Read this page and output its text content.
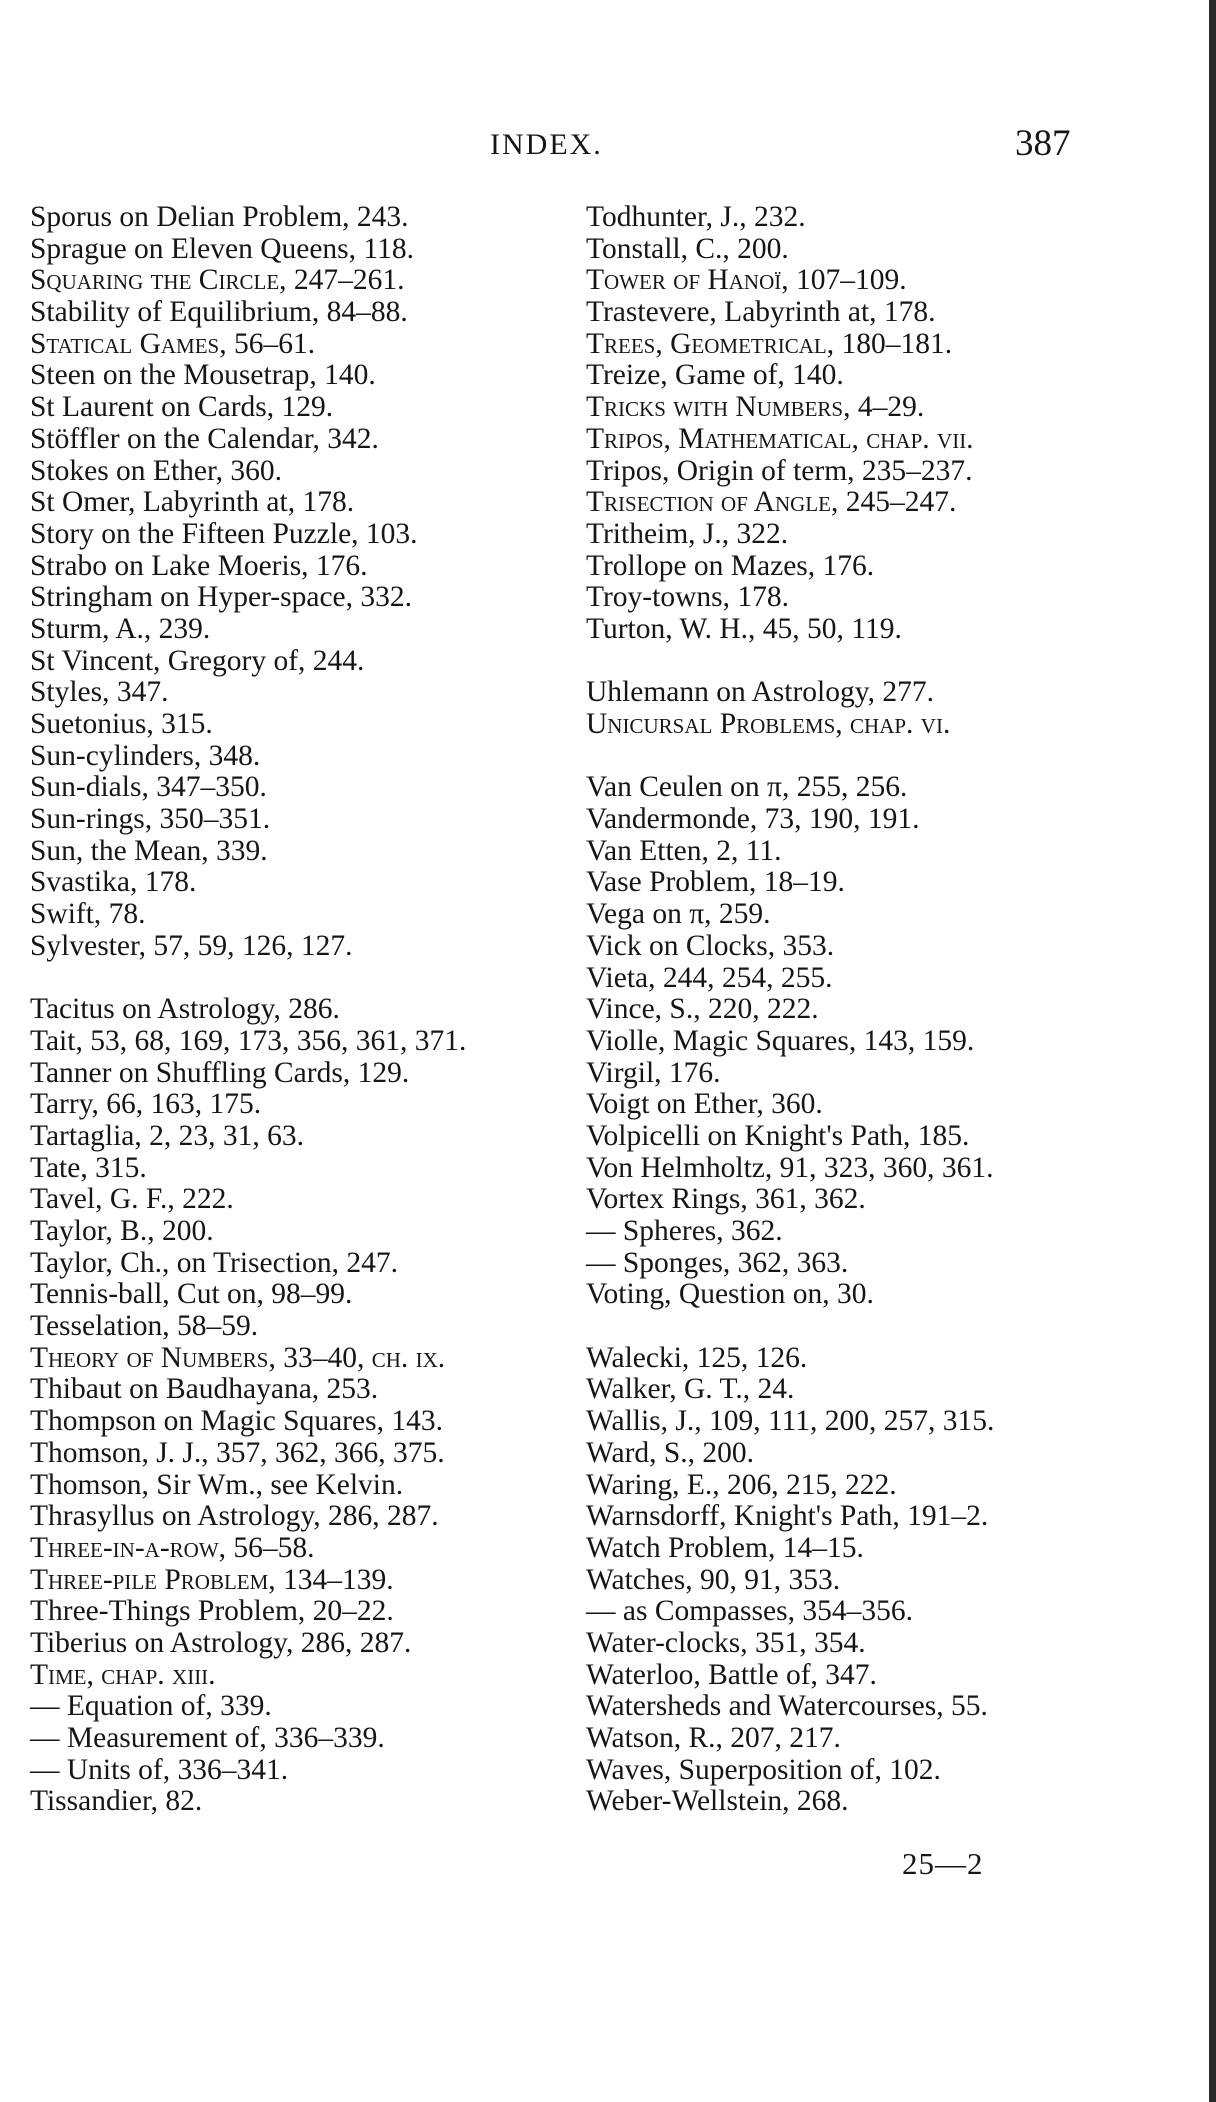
INDEX.	387
Sporus on Delian Problem, 243.
Sprague on Eleven Queens, 118.
Squaring the Circle, 247–261.
Stability of Equilibrium, 84–88.
Statical Games, 56–61.
Steen on the Mousetrap, 140.
St Laurent on Cards, 129.
Stöffler on the Calendar, 342.
Stokes on Ether, 360.
St Omer, Labyrinth at, 178.
Story on the Fifteen Puzzle, 103.
Strabo on Lake Moeris, 176.
Stringham on Hyper-space, 332.
Sturm, A., 239.
St Vincent, Gregory of, 244.
Styles, 347.
Suetonius, 315.
Sun-cylinders, 348.
Sun-dials, 347–350.
Sun-rings, 350–351.
Sun, the Mean, 339.
Svastika, 178.
Swift, 78.
Sylvester, 57, 59, 126, 127.
Tacitus on Astrology, 286.
Tait, 53, 68, 169, 173, 356, 361, 371.
Tanner on Shuffling Cards, 129.
Tarry, 66, 163, 175.
Tartaglia, 2, 23, 31, 63.
Tate, 315.
Tavel, G. F., 222.
Taylor, B., 200.
Taylor, Ch., on Trisection, 247.
Tennis-ball, Cut on, 98–99.
Tesselation, 58–59.
Theory of Numbers, 33–40, ch. ix.
Thibaut on Baudhayana, 253.
Thompson on Magic Squares, 143.
Thomson, J. J., 357, 362, 366, 375.
Thomson, Sir Wm., see Kelvin.
Thrasyllus on Astrology, 286, 287.
Three-in-a-row, 56–58.
Three-pile Problem, 134–139.
Three-Things Problem, 20–22.
Tiberius on Astrology, 286, 287.
Time, chap. xiii.
— Equation of, 339.
— Measurement of, 336–339.
— Units of, 336–341.
Tissandier, 82.
Todhunter, J., 232.
Tonstall, C., 200.
Tower of Hanoï, 107–109.
Trastevere, Labyrinth at, 178.
Trees, Geometrical, 180–181.
Treize, Game of, 140.
Tricks with Numbers, 4–29.
Tripos, Mathematical, chap. vii.
Tripos, Origin of term, 235–237.
Trisection of Angle, 245–247.
Tritheim, J., 322.
Trollope on Mazes, 176.
Troy-towns, 178.
Turton, W. H., 45, 50, 119.
Uhlemann on Astrology, 277.
Unicursal Problems, chap. vi.
Van Ceulen on π, 255, 256.
Vandermonde, 73, 190, 191.
Van Etten, 2, 11.
Vase Problem, 18–19.
Vega on π, 259.
Vick on Clocks, 353.
Vieta, 244, 254, 255.
Vince, S., 220, 222.
Violle, Magic Squares, 143, 159.
Virgil, 176.
Voigt on Ether, 360.
Volpicelli on Knight's Path, 185.
Von Helmholtz, 91, 323, 360, 361.
Vortex Rings, 361, 362.
— Spheres, 362.
— Sponges, 362, 363.
Voting, Question on, 30.
Walecki, 125, 126.
Walker, G. T., 24.
Wallis, J., 109, 111, 200, 257, 315.
Ward, S., 200.
Waring, E., 206, 215, 222.
Warnsdorff, Knight's Path, 191–2.
Watch Problem, 14–15.
Watches, 90, 91, 353.
— as Compasses, 354–356.
Water-clocks, 351, 354.
Waterloo, Battle of, 347.
Watersheds and Watercourses, 55.
Watson, R., 207, 217.
Waves, Superposition of, 102.
Weber-Wellstein, 268.
25—2
